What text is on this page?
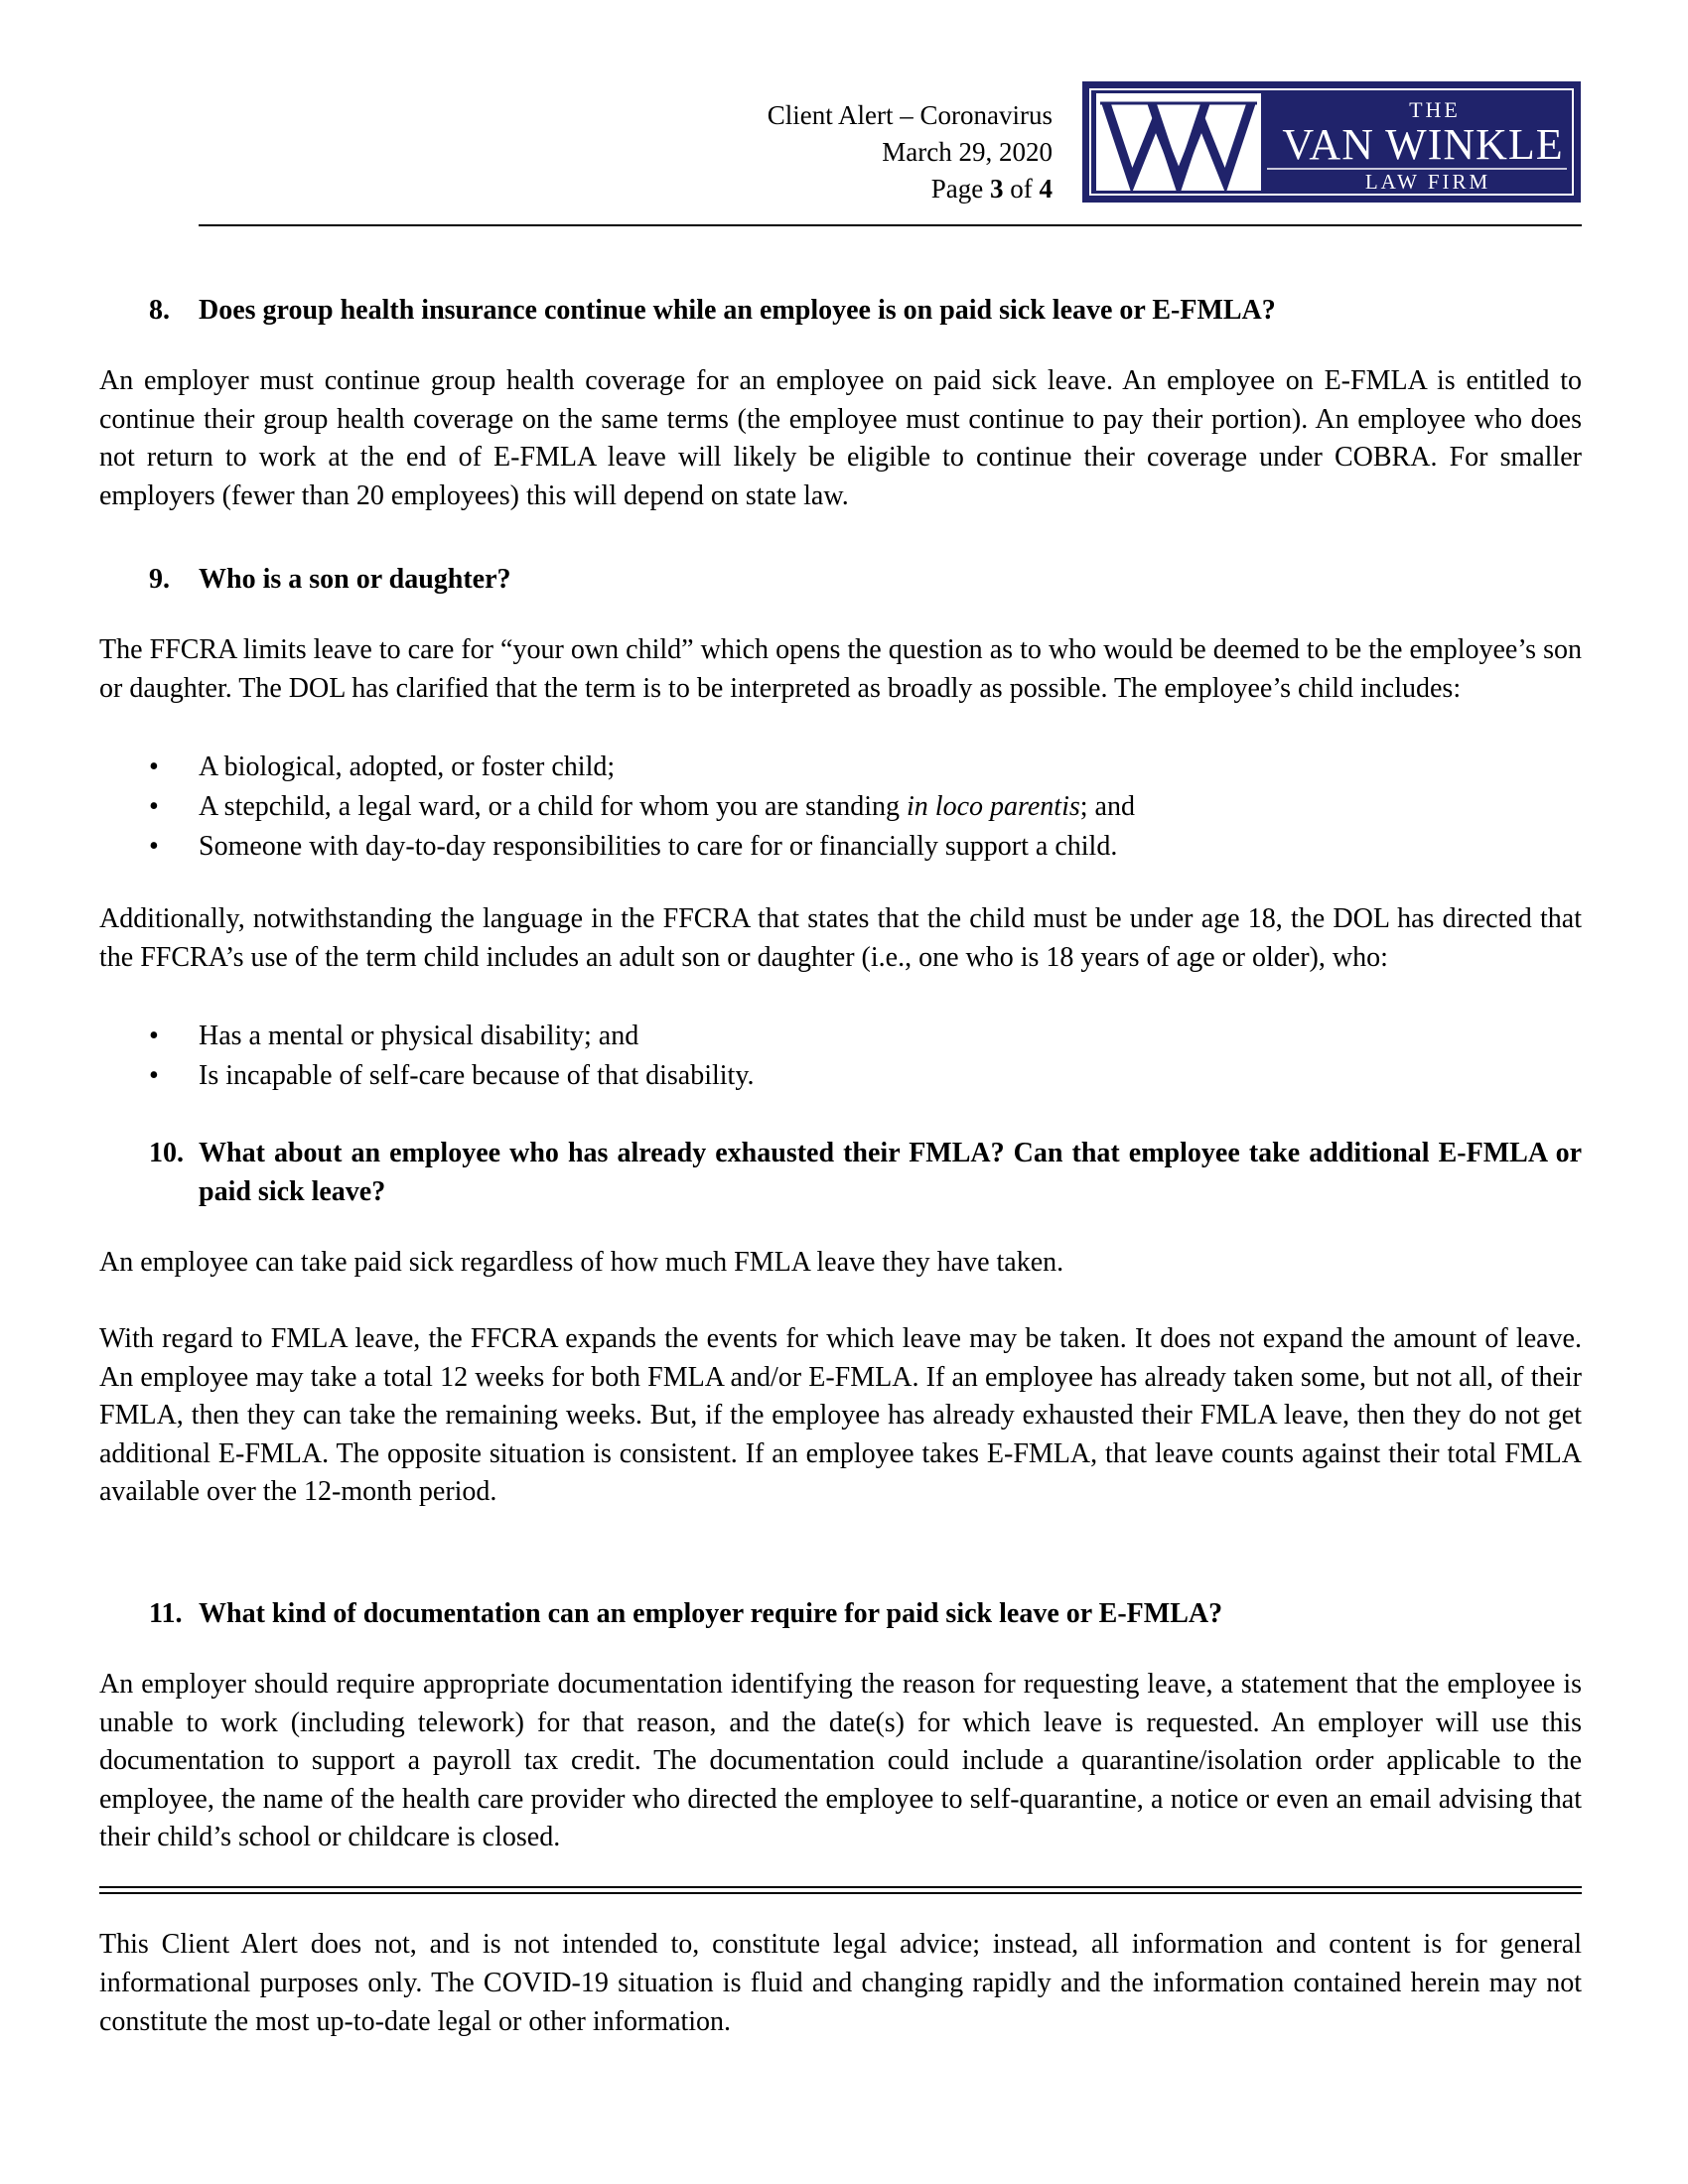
Client Alert – Coronavirus
March 29, 2020
Page 3 of 4
THE
VAN WINKLE
LAW FIRM
8. Does group health insurance continue while an employee is on paid sick leave or E-FMLA?
An employer must continue group health coverage for an employee on paid sick leave. An employee on E-FMLA is entitled to continue their group health coverage on the same terms (the employee must continue to pay their portion). An employee who does not return to work at the end of E-FMLA leave will likely be eligible to continue their coverage under COBRA. For smaller employers (fewer than 20 employees) this will depend on state law.
9. Who is a son or daughter?
The FFCRA limits leave to care for “your own child” which opens the question as to who would be deemed to be the employee’s son or daughter. The DOL has clarified that the term is to be interpreted as broadly as possible. The employee’s child includes:
• A biological, adopted, or foster child;
• A stepchild, a legal ward, or a child for whom you are standing in loco parentis; and
• Someone with day-to-day responsibilities to care for or financially support a child.
Additionally, notwithstanding the language in the FFCRA that states that the child must be under age 18, the DOL has directed that the FFCRA’s use of the term child includes an adult son or daughter (i.e., one who is 18 years of age or older), who:
• Has a mental or physical disability; and
• Is incapable of self-care because of that disability.
10. What about an employee who has already exhausted their FMLA? Can that employee take additional E-FMLA or paid sick leave?
An employee can take paid sick regardless of how much FMLA leave they have taken.
With regard to FMLA leave, the FFCRA expands the events for which leave may be taken. It does not expand the amount of leave. An employee may take a total 12 weeks for both FMLA and/or E-FMLA. If an employee has already taken some, but not all, of their FMLA, then they can take the remaining weeks. But, if the employee has already exhausted their FMLA leave, then they do not get additional E-FMLA. The opposite situation is consistent. If an employee takes E-FMLA, that leave counts against their total FMLA available over the 12-month period.
11. What kind of documentation can an employer require for paid sick leave or E-FMLA?
An employer should require appropriate documentation identifying the reason for requesting leave, a statement that the employee is unable to work (including telework) for that reason, and the date(s) for which leave is requested. An employer will use this documentation to support a payroll tax credit. The documentation could include a quarantine/isolation order applicable to the employee, the name of the health care provider who directed the employee to self-quarantine, a notice or even an email advising that their child’s school or childcare is closed.
This Client Alert does not, and is not intended to, constitute legal advice; instead, all information and content is for general informational purposes only. The COVID-19 situation is fluid and changing rapidly and the information contained herein may not constitute the most up-to-date legal or other information.
